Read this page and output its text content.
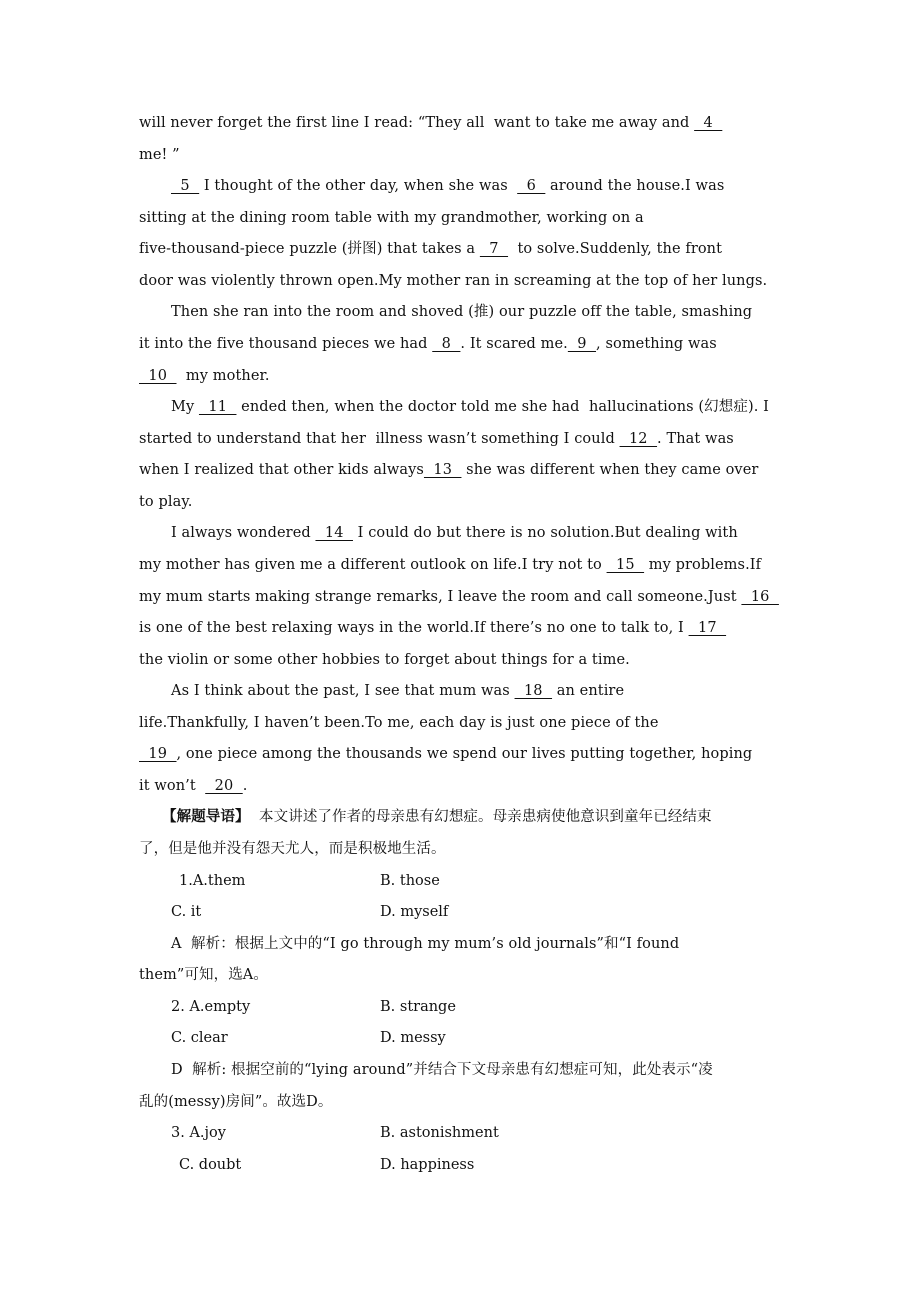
will never forget the first line I read: “They all  want to take me away and   4
me! ”
5   I thought of the other day, when she was    6   around the house.I was
sitting at the dining room table with my grandmother, working on a
five-thousand-piece puzzle (拼图) that takes a   7    to solve.Suddenly, the front
door was violently thrown open.My mother ran in screaming at the top of her lungs.
Then she ran into the room and shoved (推) our puzzle off the table, smashing
it into the five thousand pieces we had   8  . It scared me.  9  , something was
10    my mother.
My   11   ended then, when the doctor told me she had  hallucinations (幻想症). I
started to understand that her  illness wasn’t something I could   12  . That was
when I realized that other kids always  13   she was different when they came over
to play.
I always wondered   14   I could do but there is no solution.But dealing with
my mother has given me a different outlook on life.I try not to   15   my problems.If
my mum starts making strange remarks, I leave the room and call someone.Just   16
is one of the best relaxing ways in the world.If there’s no one to talk to, I   17
the violin or some other hobbies to forget about things for a time.
As I think about the past, I see that mum was   18   an entire
life.Thankfully, I haven’t been.To me, each day is just one piece of the
19  , one piece among the thousands we spend our lives putting together, hoping
it won’t    20  .
【解题导语】  本文讲述了作者的母亲患有幻想症。母亲患病使他意识到童年已经结束
了，但是他并没有怨天尤人，而是积极地生活。
1.A.them	B. those
C. it	D. myself
A  解析：根据上文中的“I go through my mum’s old journals”和“I found
them”可知，选A。
2. A.empty	B. strange
C. clear	D. messy
D  解析: 根据空前的“lying around”并结合下文母亲患有幻想症可知，此处表示“凌
乱的(messy)房间”。故选D。
3. A.joy	B. astonishment
C. doubt	D. happiness
